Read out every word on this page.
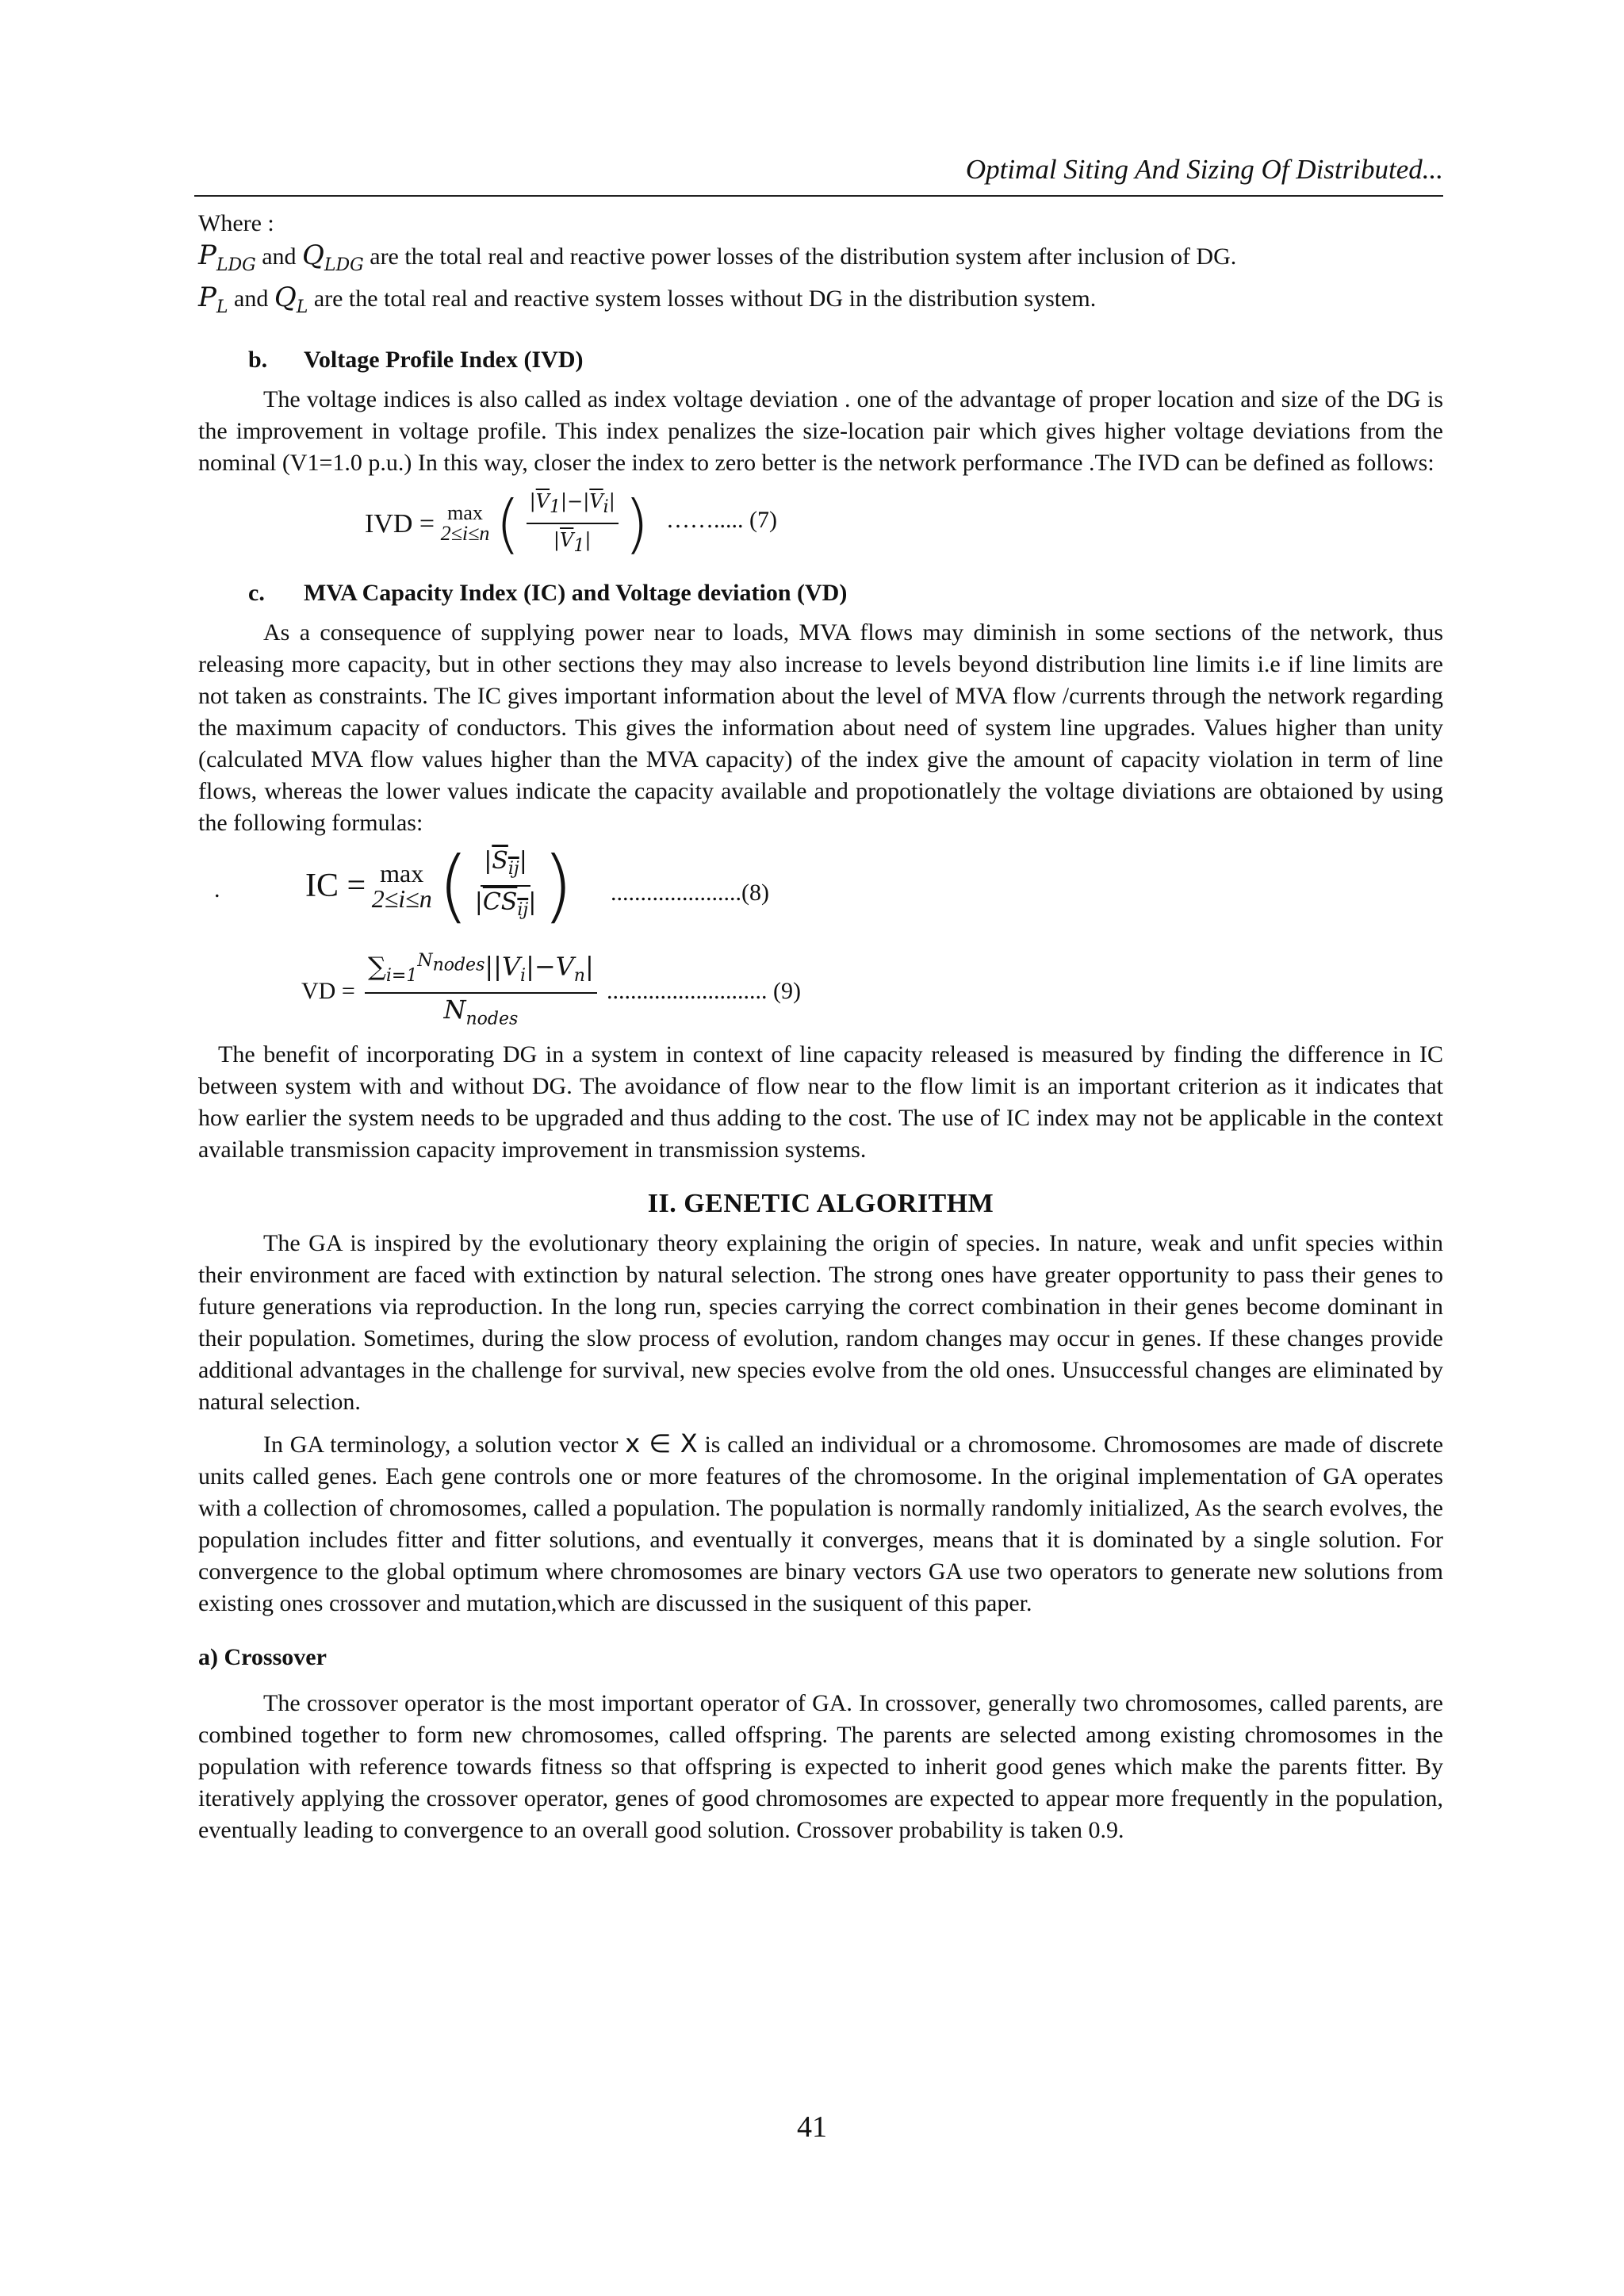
Optimal Siting And Sizing Of Distributed...

Where :

$P_{LDG}$ and $Q_{LDG}$ are the total real and reactive power losses of the distribution system after inclusion of DG.

$P_L$ and $Q_L$ are the total real and reactive system losses without DG in the distribution system.

b. Voltage Profile Index (IVD)

The voltage indices is also called as index voltage deviation . one of the advantage of proper location and size of the DG is the improvement in voltage profile. This index penalizes the size-location pair which gives higher voltage deviations from the nominal (V1=1.0 p.u.) In this way, closer the index to zero better is the network performance .The IVD can be defined as follows:

IVD = max
2≤i≤n ( $\frac{|\overline{V}_1|-|\overline{V}_i|}{|\overline{V}_1|}$ ) ……..... (7)
c. MVA Capacity Index (IC) and Voltage deviation (VD)

As a consequence of supplying power near to loads, MVA flows may diminish in some sections of the network, thus releasing more capacity, but in other sections they may also increase to levels beyond distribution line limits i.e if line limits are not taken as constraints. The IC gives important information about the level of MVA flow /currents through the network regarding the maximum capacity of conductors. This gives the information about need of system line upgrades. Values higher than unity (calculated MVA flow values higher than the MVA capacity) of the index give the amount of capacity violation in term of line flows, whereas the lower values indicate the capacity available and propotionatlely the voltage diviations are obtaioned by using the following formulas:

.	IC = max
2≤i≤n ( $\frac{|S_{ij}|}{|CS_{ij}|}$ ) ......................(8)
VD = $\frac{\sum_{i=1}^{N_{nodes}}||V_i|-V_n|}{N_{nodes}}$ ........................... (9)

The benefit of incorporating DG in a system in context of line capacity released is measured by finding the difference in IC between system with and without DG. The avoidance of flow near to the flow limit is an important criterion as it indicates that how earlier the system needs to be upgraded and thus adding to the cost. The use of IC index may not be applicable in the context available transmission capacity improvement in transmission systems.

II. GENETIC ALGORITHM

The GA is inspired by the evolutionary theory explaining the origin of species. In nature, weak and unfit species within their environment are faced with extinction by natural selection. The strong ones have greater opportunity to pass their genes to future generations via reproduction. In the long run, species carrying the correct combination in their genes become dominant in their population. Sometimes, during the slow process of evolution, random changes may occur in genes. If these changes provide additional advantages in the challenge for survival, new species evolve from the old ones. Unsuccessful changes are eliminated by natural selection.

In GA terminology, a solution vector x ∈ X is called an individual or a chromosome. Chromosomes are made of discrete units called genes. Each gene controls one or more features of the chromosome. In the original implementation of GA operates with a collection of chromosomes, called a population. The population is normally randomly initialized, As the search evolves, the population includes fitter and fitter solutions, and eventually it converges, means that it is dominated by a single solution. For convergence to the global optimum where chromosomes are binary vectors GA use two operators to generate new solutions from existing ones crossover and mutation,which are discussed in the susiquent of this paper.

a) Crossover

The crossover operator is the most important operator of GA. In crossover, generally two chromosomes, called parents, are combined together to form new chromosomes, called offspring. The parents are selected among existing chromosomes in the population with reference towards fitness so that offspring is expected to inherit good genes which make the parents fitter. By iteratively applying the crossover operator, genes of good chromosomes are expected to appear more frequently in the population, eventually leading to convergence to an overall good solution. Crossover probability is taken 0.9.

41
